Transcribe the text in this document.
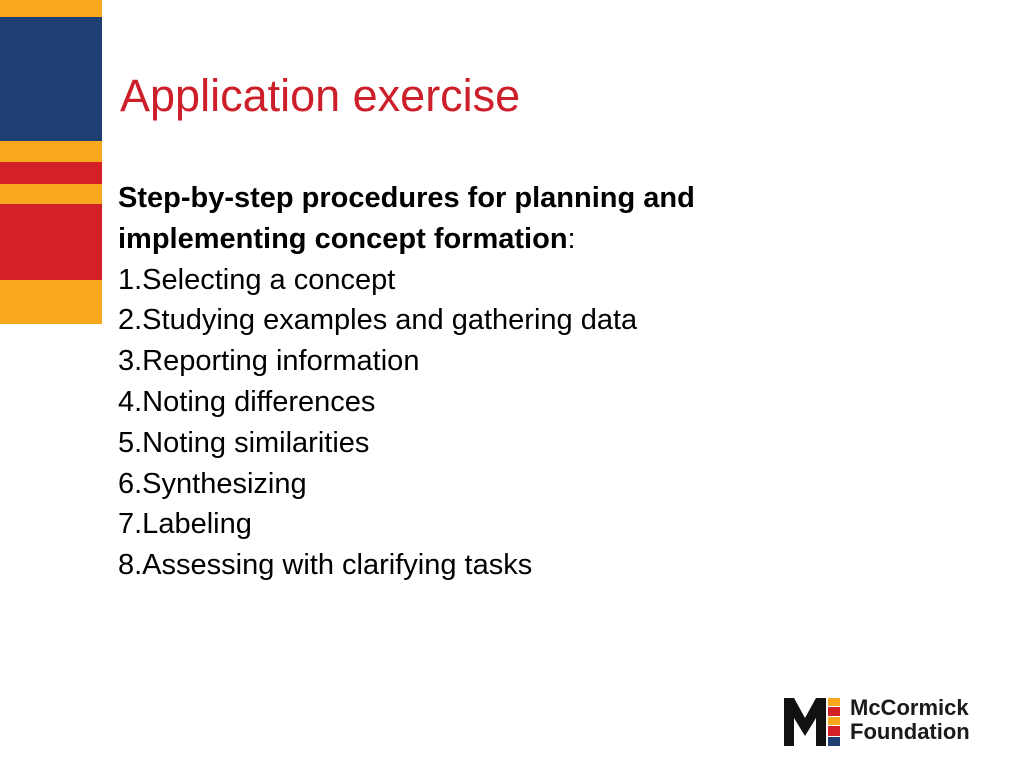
Application exercise

Step-by-step procedures for planning and implementing concept formation:

1.Selecting a concept
2.Studying examples and gathering data
3.Reporting information
4.Noting differences
5.Noting similarities
6.Synthesizing
7.Labeling
8.Assessing with clarifying tasks
McCormick
Foundation
